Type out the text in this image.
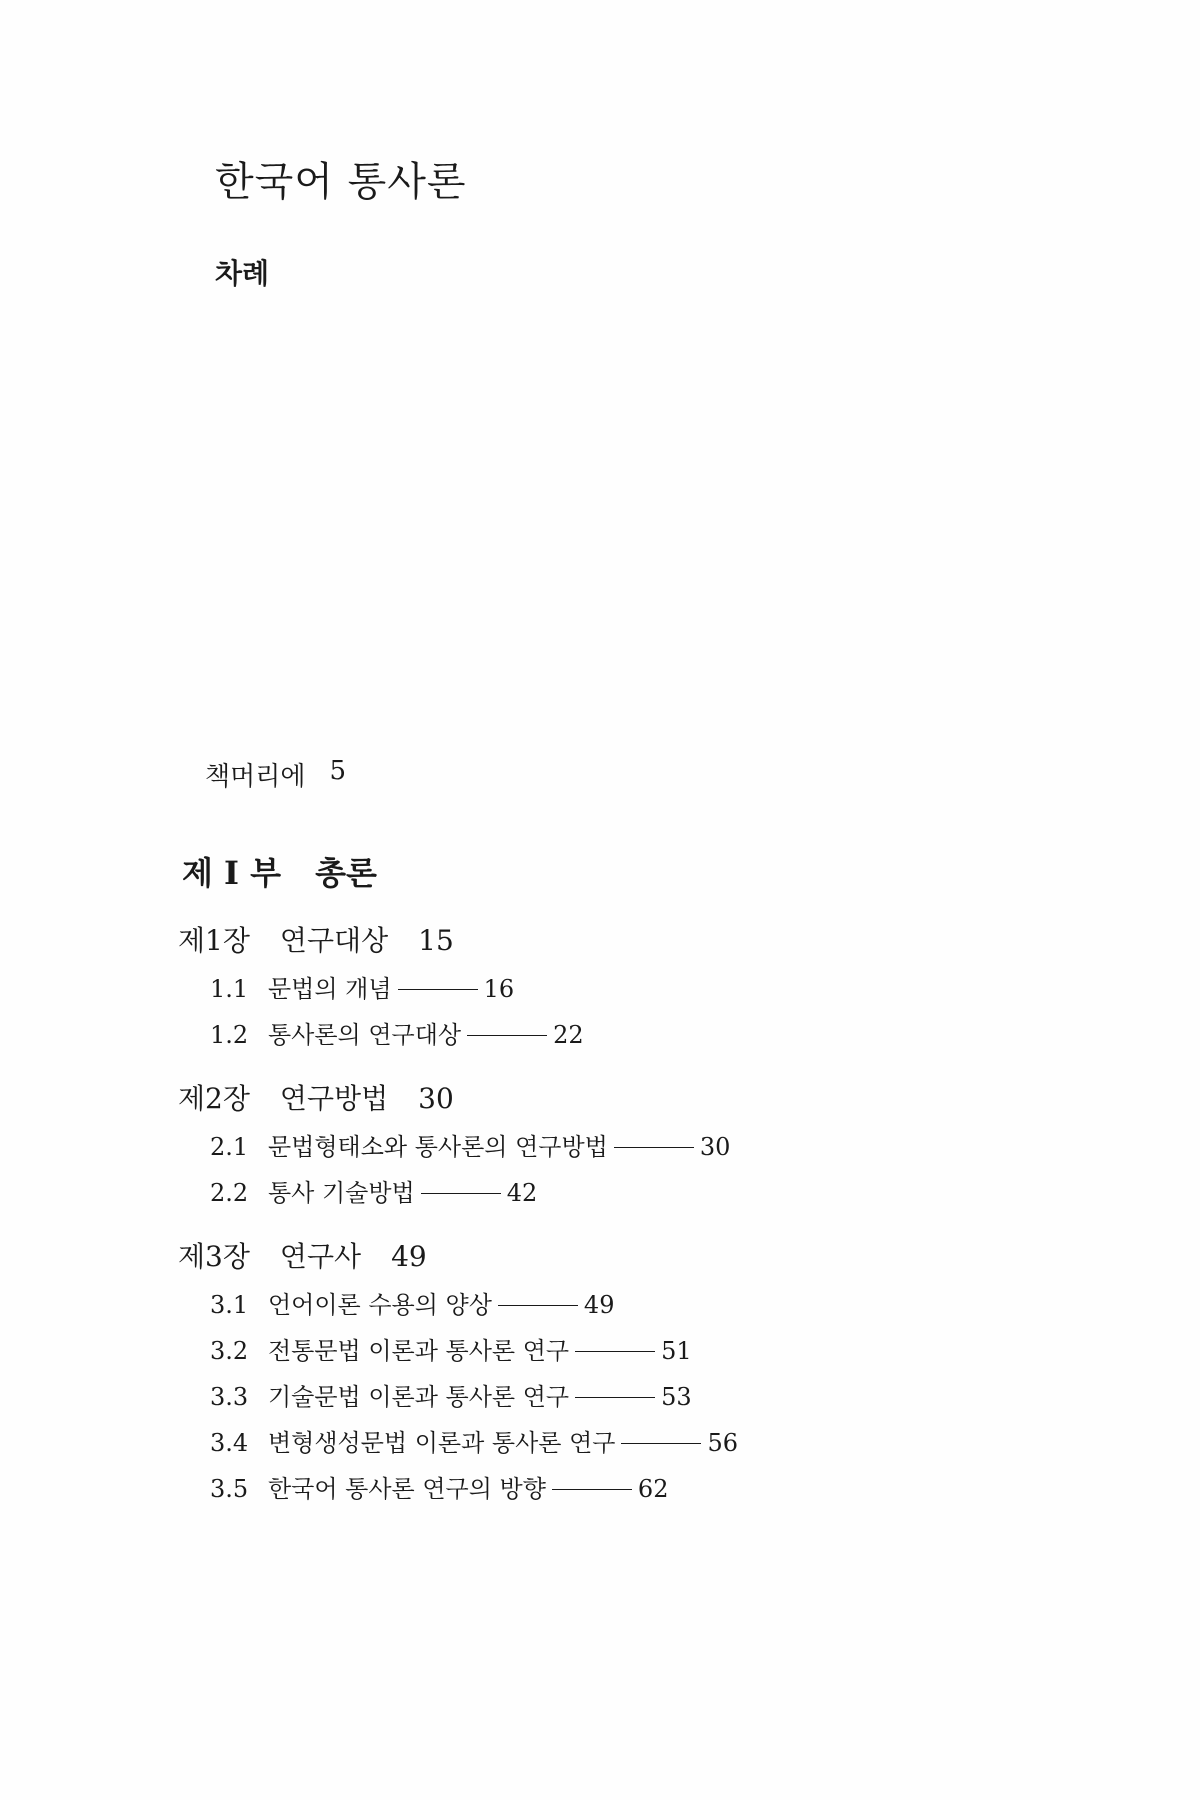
한국어 통사론
차례
책머리에 5
제 I 부 총론
제1장 연구대상 15
1.1 문법의 개념	16
1.2 통사론의 연구대상	22
제2장 연구방법 30
2.1 문법형태소와 통사론의 연구방법	30
2.2 통사 기술방법	42
제3장 연구사 49
3.1 언어이론 수용의 양상	49
3.2 전통문법 이론과 통사론 연구	51
3.3 기술문법 이론과 통사론 연구	53
3.4 변형생성문법 이론과 통사론 연구	56
3.5 한국어 통사론 연구의 방향	62
